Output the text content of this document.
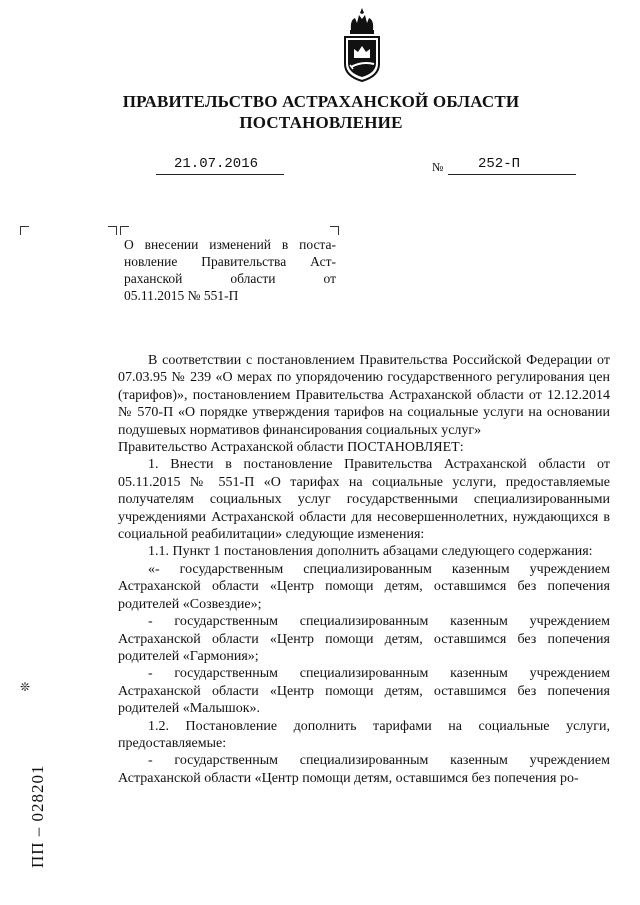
ПРАВИТЕЛЬСТВО АСТРАХАНСКОЙ ОБЛАСТИ
ПОСТАНОВЛЕНИЕ
21.07.2016	№ 252-П
О внесении изменений в поста-
новление Правительства Аст-
раханской области от
05.11.2015 № 551-П

В соответствии с постановлением Правительства Российской Федерации от 07.03.95 № 239 «О мерах по упорядочению государственного регулирования цен (тарифов)», постановлением Правительства Астраханской области от 12.12.2014 № 570-П «О порядке утверждения тарифов на социальные услуги на основании подушевых нормативов финансирования социальных услуг»

Правительство Астраханской области ПОСТАНОВЛЯЕТ:

1. Внести в постановление Правительства Астраханской области от 05.11.2015 № 551-П «О тарифах на социальные услуги, предоставляемые получателям социальных услуг государственными специализированными учреждениями Астраханской области для несовершеннолетних, нуждающихся в социальной реабилитации» следующие изменения:

1.1. Пункт 1 постановления дополнить абзацами следующего содержания:

«- государственным специализированным казенным учреждением Астраханской области «Центр помощи детям, оставшимся без попечения родителей «Созвездие»;

- государственным специализированным казенным учреждением Астраханской области «Центр помощи детям, оставшимся без попечения родителей «Гармония»;

- государственным специализированным казенным учреждением Астраханской области «Центр помощи детям, оставшимся без попечения родителей «Малышок».

1.2. Постановление дополнить тарифами на социальные услуги, предоставляемые:

- государственным специализированным казенным учреждением Астраханской области «Центр помощи детям, оставшимся без попечения ро-

❊
ПП – 028201
